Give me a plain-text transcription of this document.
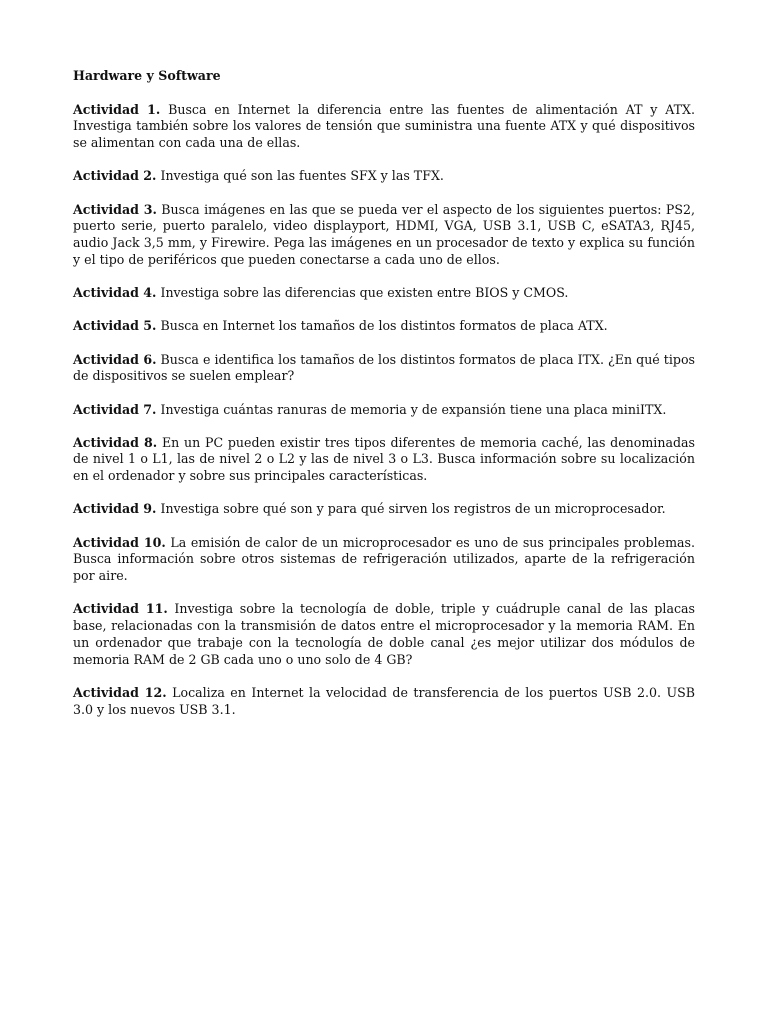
Hardware y Software

Actividad 1. Busca en Internet la diferencia entre las fuentes de alimentación AT y ATX. Investiga también sobre los valores de tensión que suministra una fuente ATX y qué dispositivos se alimentan con cada una de ellas.

Actividad 2. Investiga qué son las fuentes SFX y las TFX.

Actividad 3. Busca imágenes en las que se pueda ver el aspecto de los siguientes puertos: PS2, puerto serie, puerto paralelo, video displayport, HDMI, VGA, USB 3.1, USB C, eSATA3, RJ45, audio Jack 3,5 mm, y Firewire. Pega las imágenes en un procesador de texto y explica su función y el tipo de periféricos que pueden conectarse a cada uno de ellos.

Actividad 4. Investiga sobre las diferencias que existen entre BIOS y CMOS.

Actividad 5. Busca en Internet los tamaños de los distintos formatos de placa ATX.

Actividad 6. Busca e identifica los tamaños de los distintos formatos de placa ITX. ¿En qué tipos de dispositivos se suelen emplear?

Actividad 7. Investiga cuántas ranuras de memoria y de expansión tiene una placa miniITX.

Actividad 8. En un PC pueden existir tres tipos diferentes de memoria caché, las denominadas de nivel 1 o L1, las de nivel 2 o L2 y las de nivel 3 o L3. Busca información sobre su localización en el ordenador y sobre sus principales características.

Actividad 9. Investiga sobre qué son y para qué sirven los registros de un microprocesador.

Actividad 10. La emisión de calor de un microprocesador es uno de sus principales problemas. Busca información sobre otros sistemas de refrigeración utilizados, aparte de la refrigeración por aire.

Actividad 11. Investiga sobre la tecnología de doble, triple y cuádruple canal de las placas base, relacionadas con la transmisión de datos entre el microprocesador y la memoria RAM. En un ordenador que trabaje con la tecnología de doble canal ¿es mejor utilizar dos módulos de memoria RAM de 2 GB cada uno o uno solo de 4 GB?

Actividad 12. Localiza en Internet la velocidad de transferencia de los puertos USB 2.0. USB 3.0 y los nuevos USB 3.1.
